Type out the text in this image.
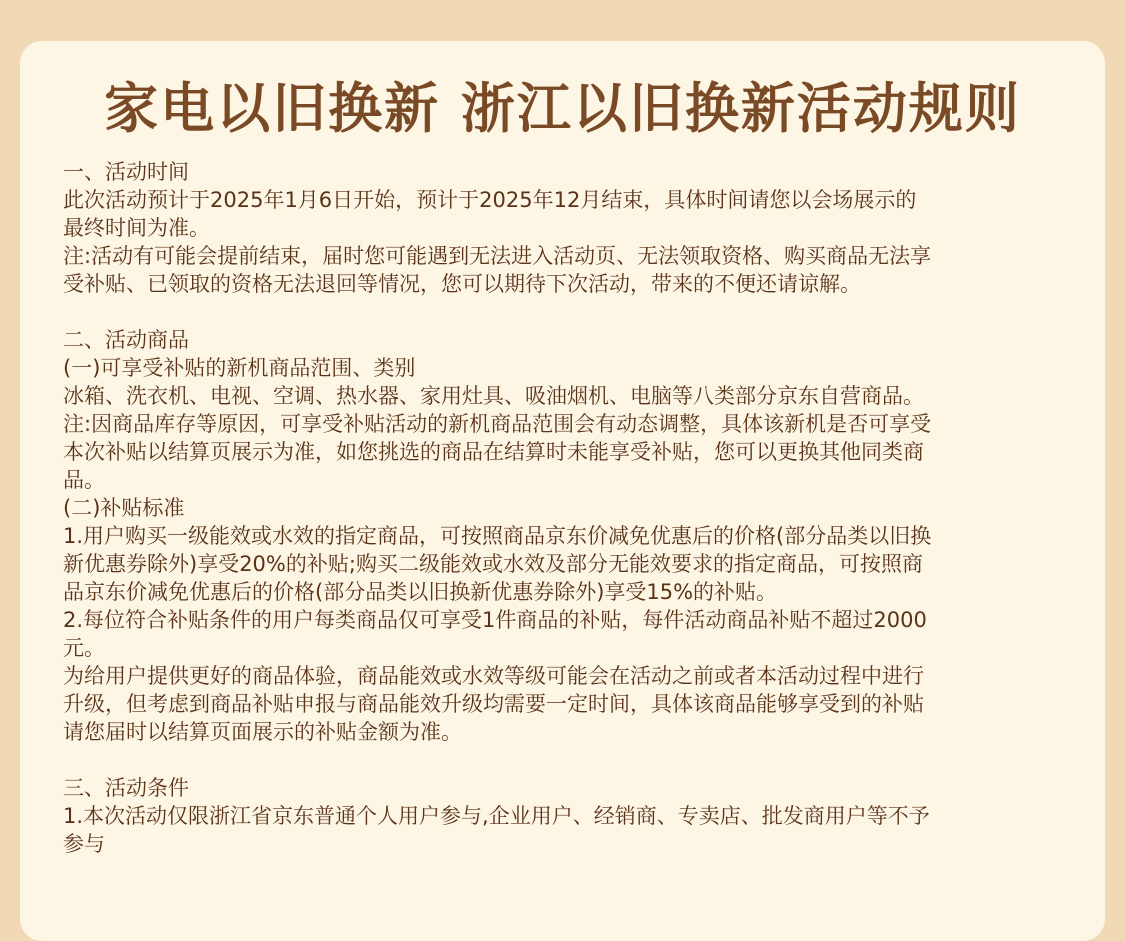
家电以旧换新 浙江以旧换新活动规则

一、活动时间

此次活动预计于2025年1月6日开始，预计于2025年12月结束，具体时间请您以会场展示的

最终时间为准。

注:活动有可能会提前结束，届时您可能遇到无法进入活动页、无法领取资格、购买商品无法享

受补贴、已领取的资格无法退回等情况，您可以期待下次活动，带来的不便还请谅解。

二、活动商品

(一)可享受补贴的新机商品范围、类别

冰箱、洗衣机、电视、空调、热水器、家用灶具、吸油烟机、电脑等八类部分京东自营商品。

注:因商品库存等原因，可享受补贴活动的新机商品范围会有动态调整，具体该新机是否可享受

本次补贴以结算页展示为准，如您挑选的商品在结算时未能享受补贴，您可以更换其他同类商

品。

(二)补贴标准

1.用户购买一级能效或水效的指定商品，可按照商品京东价减免优惠后的价格(部分品类以旧换

新优惠券除外)享受20%的补贴;购买二级能效或水效及部分无能效要求的指定商品，可按照商

品京东价减免优惠后的价格(部分品类以旧换新优惠券除外)享受15%的补贴。

2.每位符合补贴条件的用户每类商品仅可享受1件商品的补贴，每件活动商品补贴不超过2000

元。

为给用户提供更好的商品体验，商品能效或水效等级可能会在活动之前或者本活动过程中进行

升级，但考虑到商品补贴申报与商品能效升级均需要一定时间，具体该商品能够享受到的补贴

请您届时以结算页面展示的补贴金额为准。

三、活动条件

1.本次活动仅限浙江省京东普通个人用户参与,企业用户、经销商、专卖店、批发商用户等不予

参与
